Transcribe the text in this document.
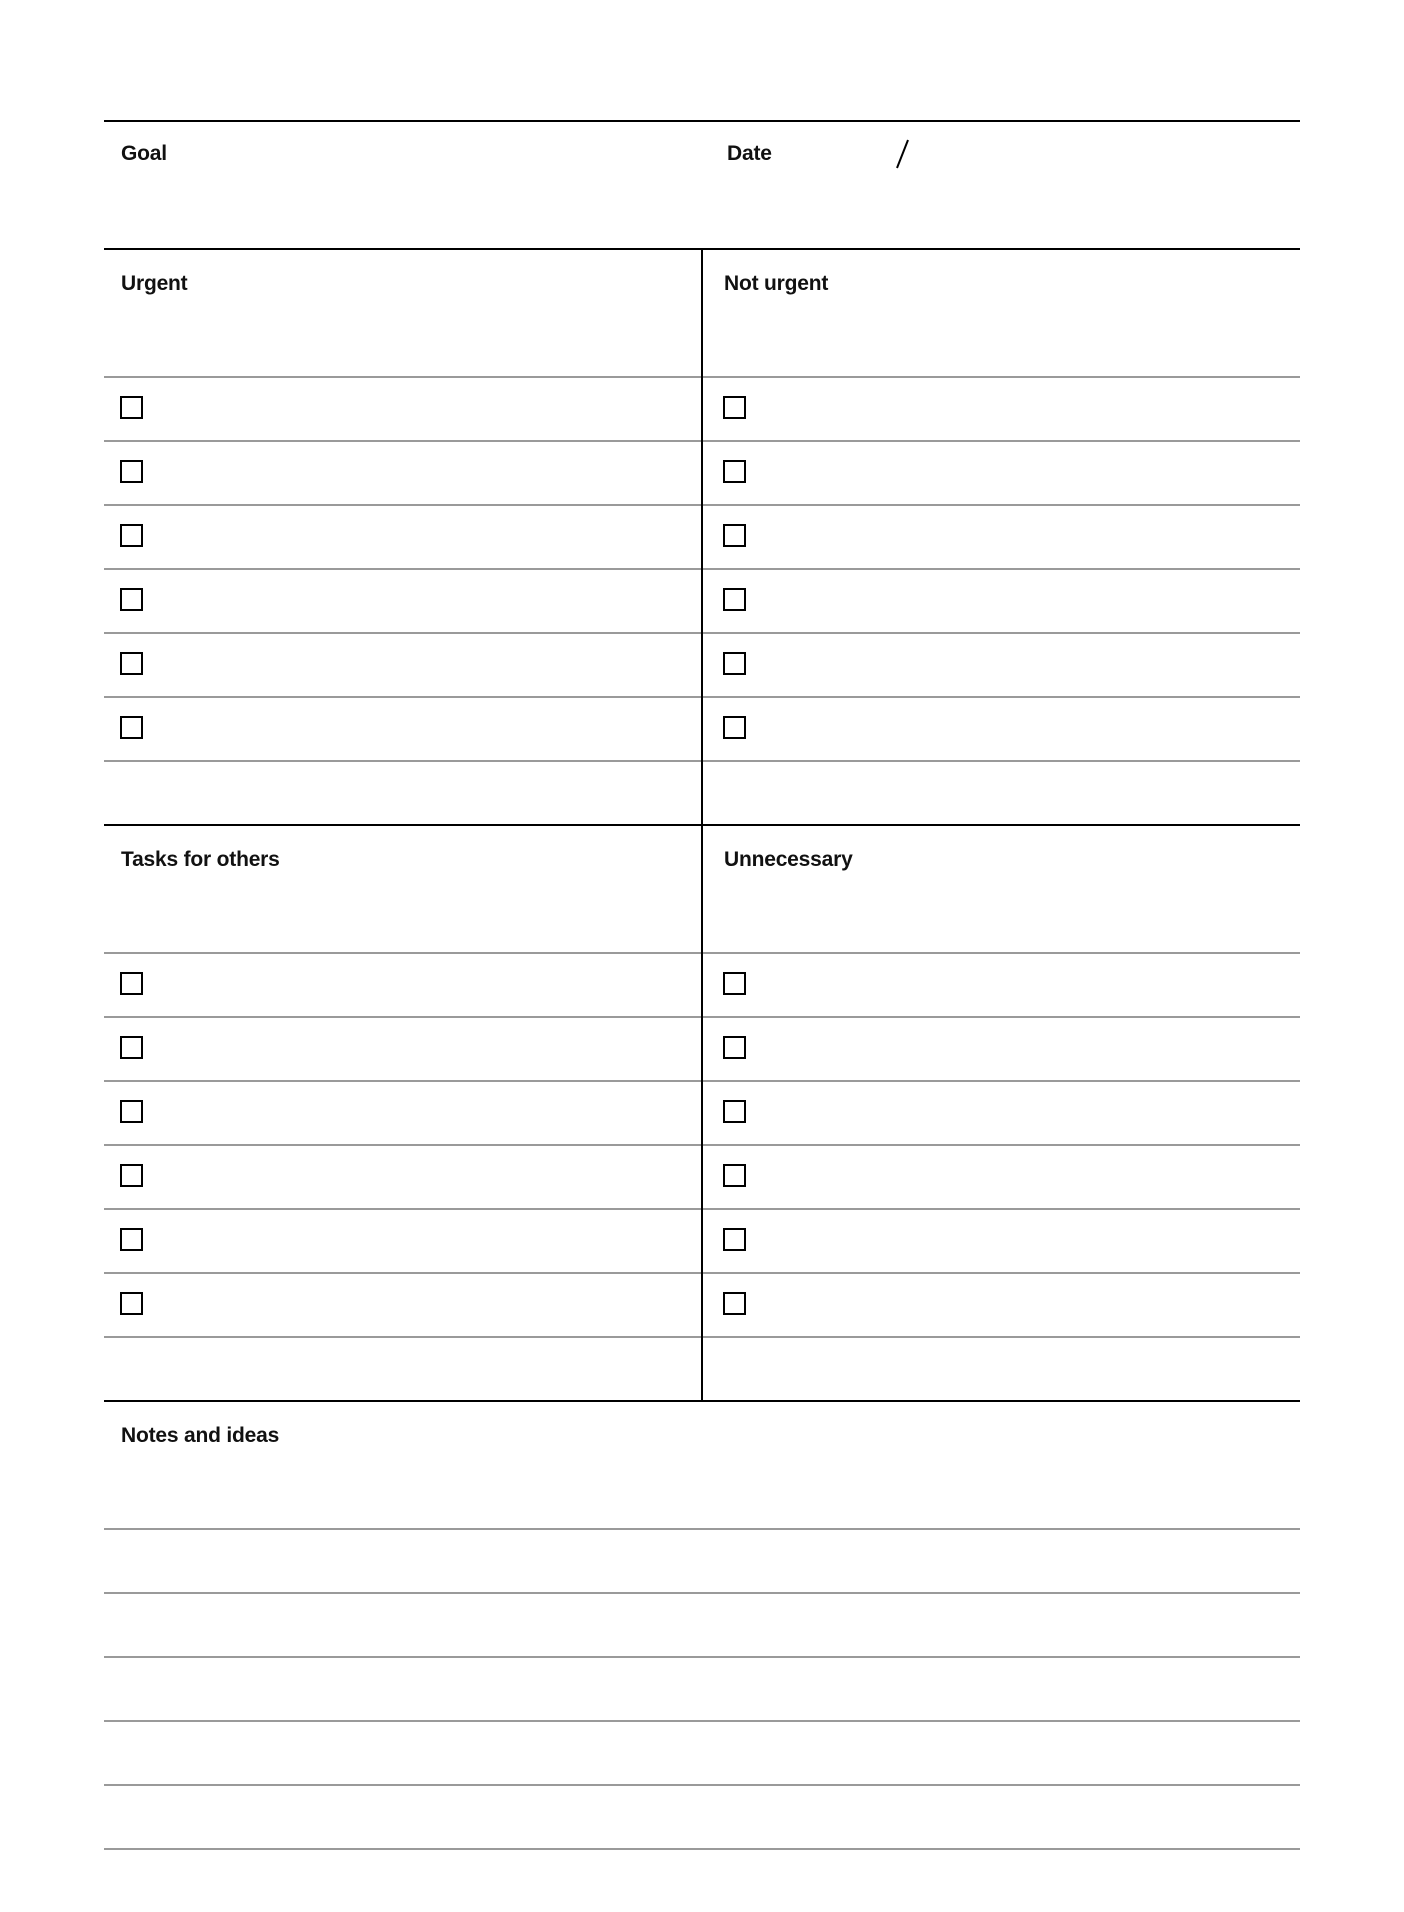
Goal	Date
Urgent	Not urgent
Tasks for others	Unnecessary
Notes and ideas
